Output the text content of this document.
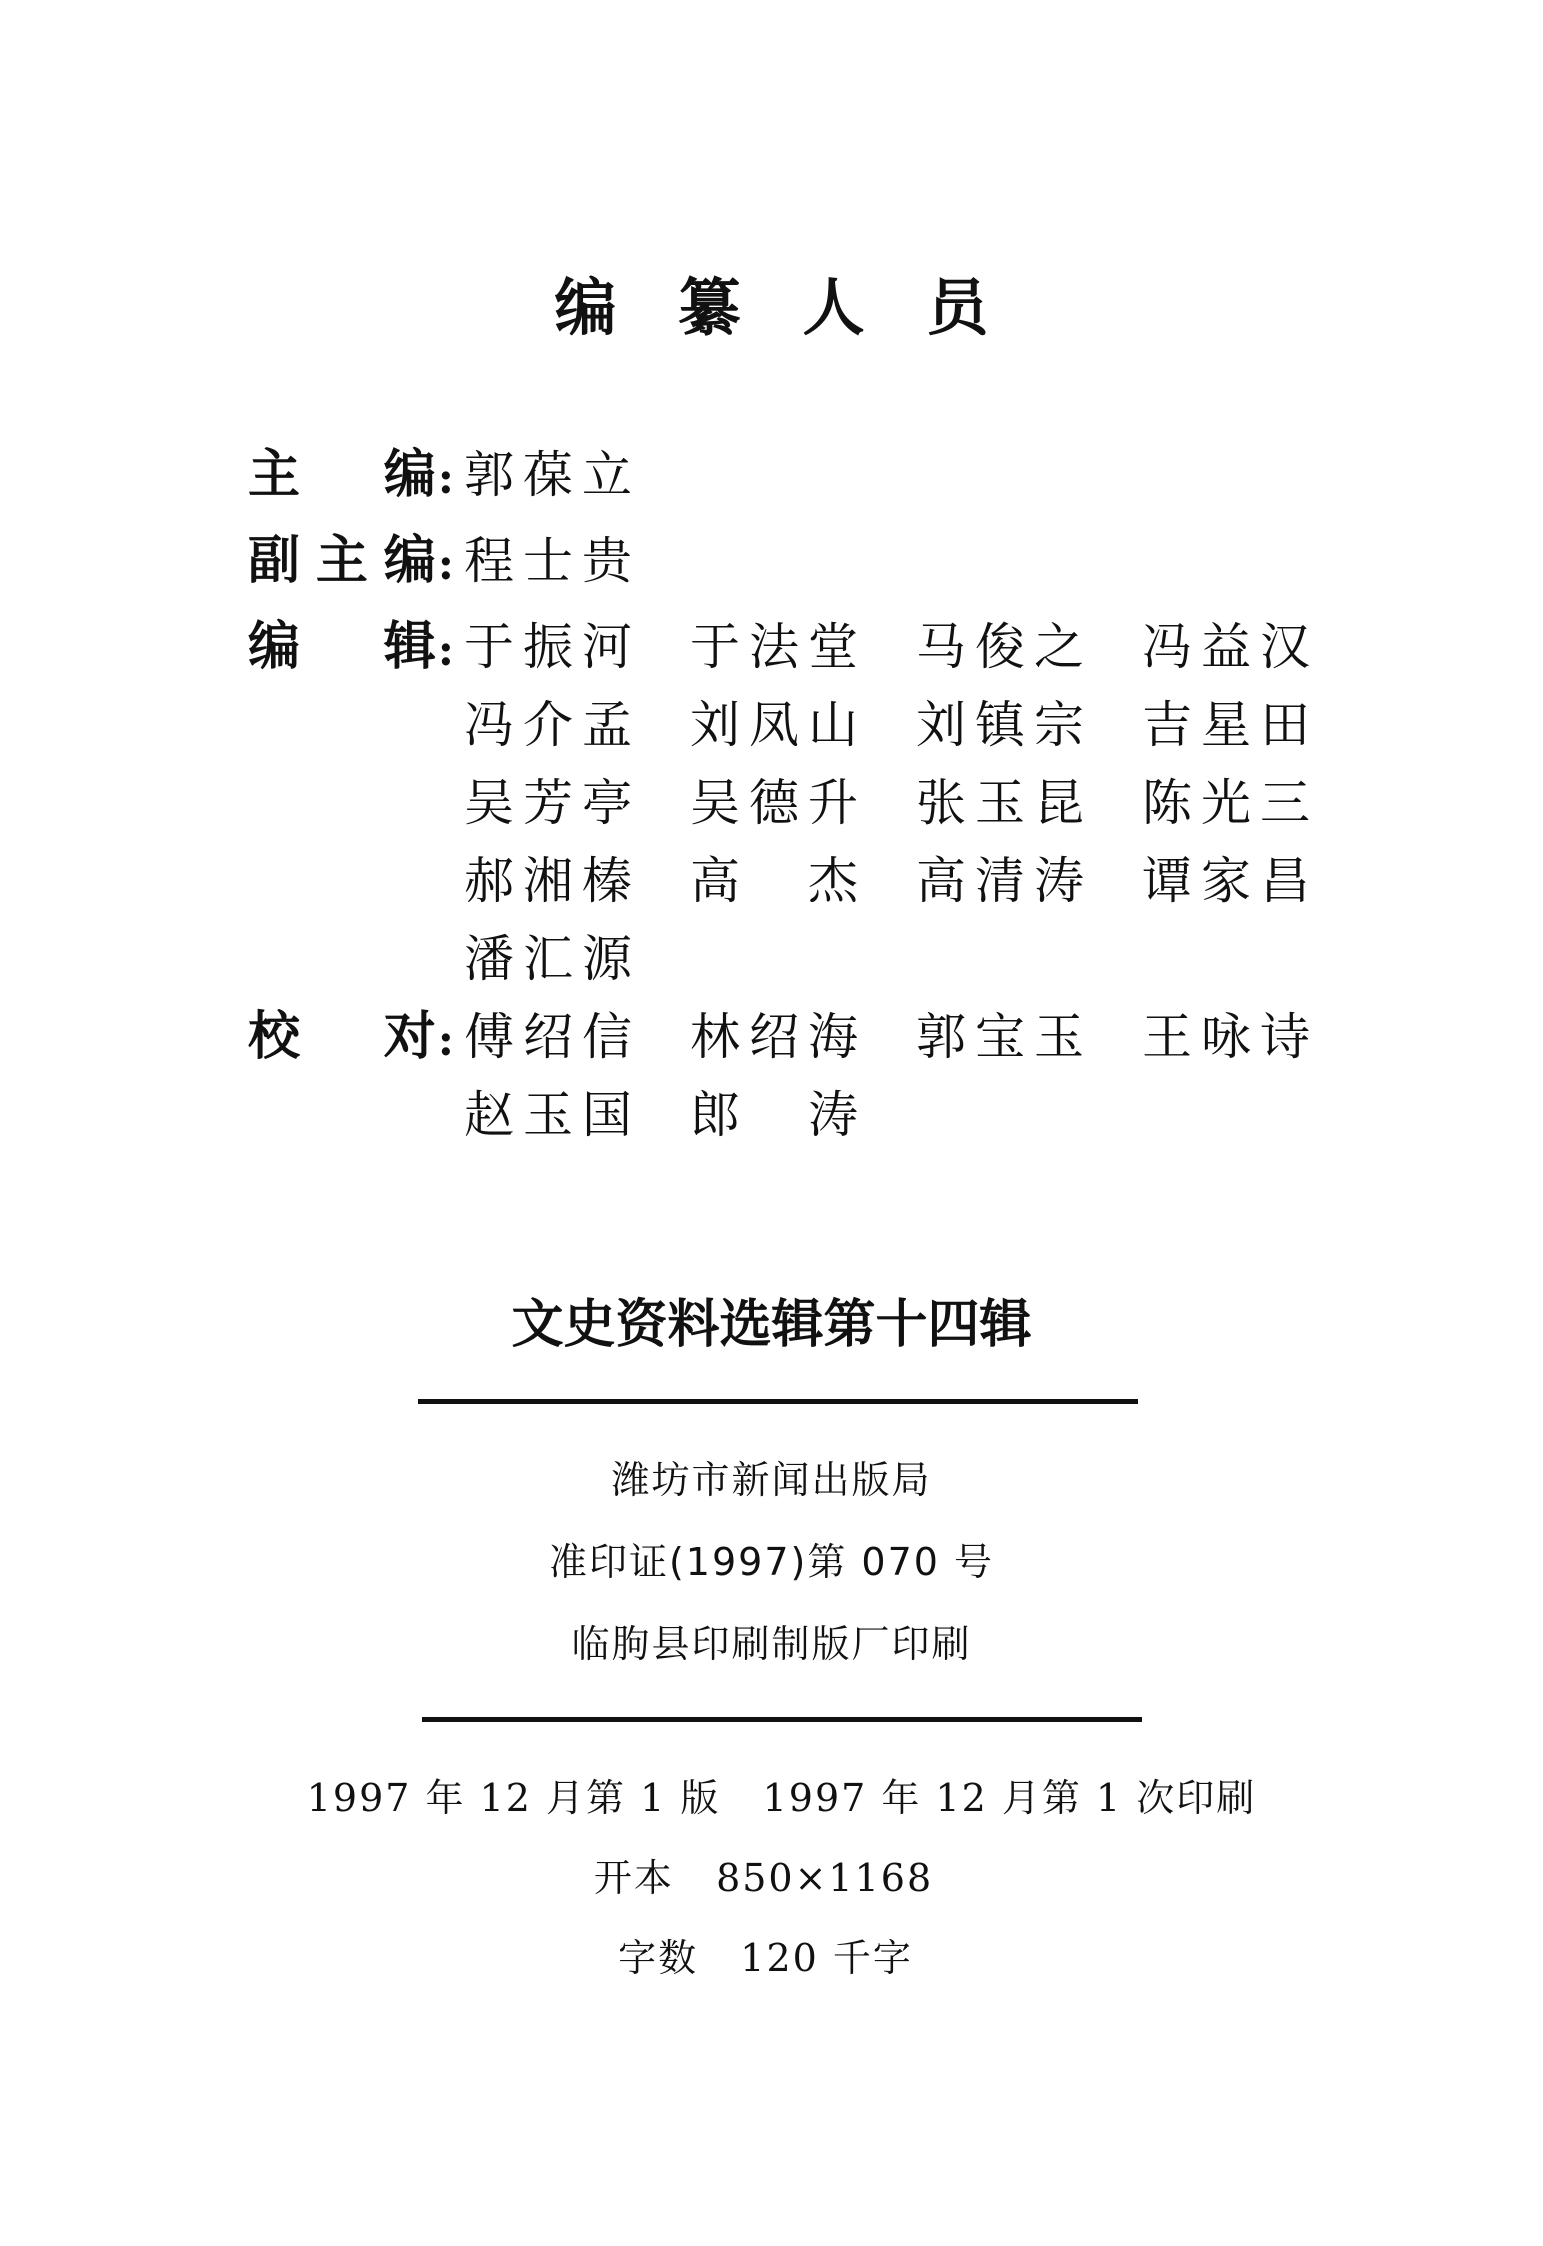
编纂人员
主 编 : 郭 葆 立
副 主 编 : 程 士 贵
编 辑 : 于 振 河 于 法 堂 马 俊 之 冯 益 汉
冯 介 孟 刘 凤 山 刘 镇 宗 吉 星 田
吴 芳 亭 吴 德 升 张 玉 昆 陈 光 三
郝 湘 榛 高 杰 高 清 涛 谭 家 昌
潘 汇 源
校 对 : 傅 绍 信 林 绍 海 郭 宝 玉 王 咏 诗
赵 玉 国 郎 涛
文史资料选辑第十四辑
潍坊市新闻出版局
准印证(1997)第 070 号
临朐县印刷制版厂印刷
1997 年 12 月第 1 版   1997 年 12 月第 1 次印刷
开本   850×1168
字数   120 千字
